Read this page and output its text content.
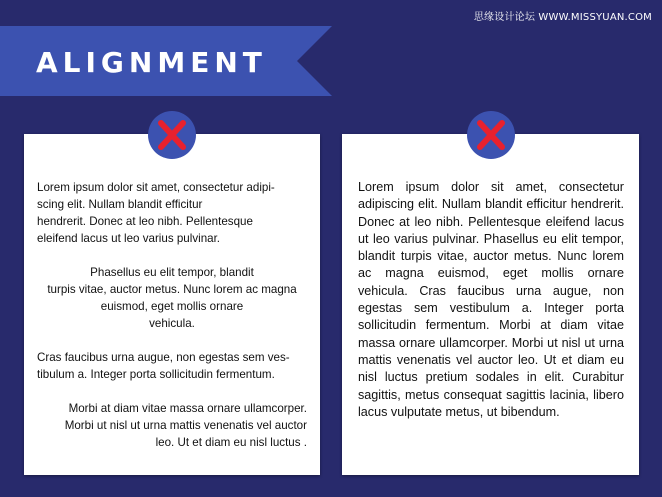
思缘设计论坛 WWW.MISSYUAN.COM
ALIGNMENT
Lorem ipsum dolor sit amet, consectetur adipi-
scing elit. Nullam blandit efficitur
hendrerit. Donec at leo nibh. Pellentesque
eleifend lacus ut leo varius pulvinar.
Phasellus eu elit tempor, blandit
turpis vitae, auctor metus. Nunc lorem ac magna
euismod, eget mollis ornare
vehicula.
Cras faucibus urna augue, non egestas sem ves-
tibulum a. Integer porta sollicitudin fermentum.
Morbi at diam vitae massa ornare ullamcorper.
Morbi ut nisl ut urna mattis venenatis vel auctor
leo. Ut et diam eu nisl luctus .
Lorem ipsum dolor sit amet, consectetur adipiscing elit. Nullam blandit efficitur hendrerit. Donec at leo nibh. Pellentesque eleifend lacus ut leo varius pulvinar. Phasellus eu elit tempor, blandit turpis vitae, auctor metus. Nunc lorem ac magna euismod, eget mollis ornare vehicula. Cras faucibus urna augue, non egestas sem vestibulum a. Integer porta sollicitudin fermentum. Morbi at diam vitae massa ornare ullamcorper. Morbi ut nisl ut urna mattis venenatis vel auctor leo. Ut et diam eu nisl luctus pretium sodales in elit. Curabitur sagittis, metus consequat sagittis lacinia, libero lacus vulputate metus, ut bibendum.
